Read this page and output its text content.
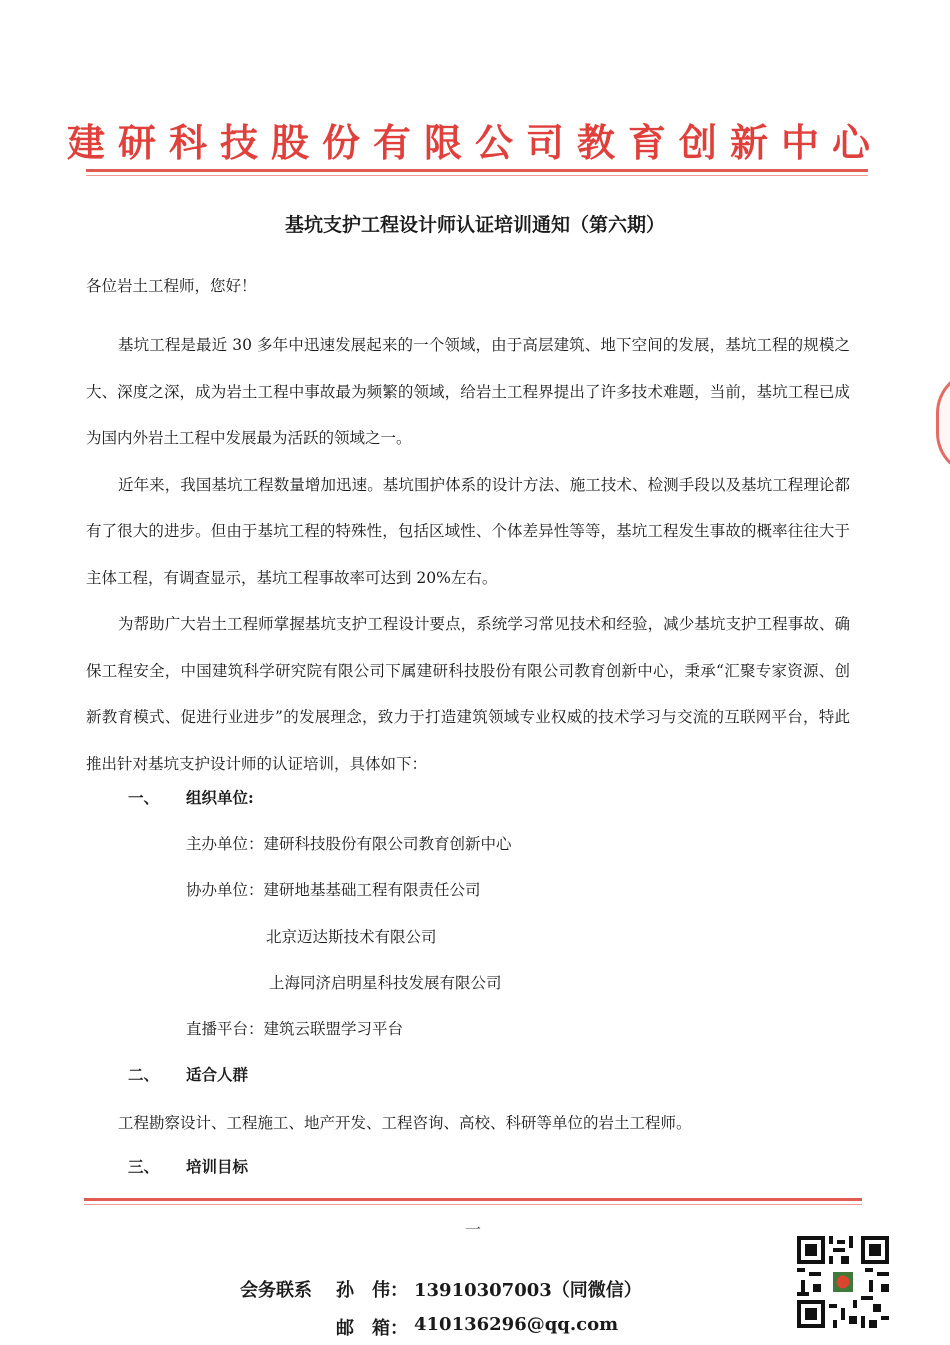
建研科技股份有限公司教育创新中心
基坑支护工程设计师认证培训通知（第六期）
各位岩土工程师，您好！

基坑工程是最近 30 多年中迅速发展起来的一个领域，由于高层建筑、地下空间的发展，基坑工程的规模之大、深度之深，成为岩土工程中事故最为频繁的领域，给岩土工程界提出了许多技术难题，当前，基坑工程已成为国内外岩土工程中发展最为活跃的领域之一。

近年来，我国基坑工程数量增加迅速。基坑围护体系的设计方法、施工技术、检测手段以及基坑工程理论都有了很大的进步。但由于基坑工程的特殊性，包括区域性、个体差异性等等，基坑工程发生事故的概率往往大于主体工程，有调查显示，基坑工程事故率可达到 20%左右。

为帮助广大岩土工程师掌握基坑支护工程设计要点，系统学习常见技术和经验，减少基坑支护工程事故、确保工程安全，中国建筑科学研究院有限公司下属建研科技股份有限公司教育创新中心，秉承“汇聚专家资源、创新教育模式、促进行业进步”的发展理念，致力于打造建筑领域专业权威的技术学习与交流的互联网平台，特此推出针对基坑支护设计师的认证培训，具体如下：

一、 组织单位:
主办单位：建研科技股份有限公司教育创新中心
协办单位：建研地基基础工程有限责任公司
北京迈达斯技术有限公司
上海同济启明星科技发展有限公司
直播平台：建筑云联盟学习平台
二、 适合人群
工程勘察设计、工程施工、地产开发、工程咨询、高校、科研等单位的岩土工程师。
三、 培训目标
一
会务联系 孙　伟： 13910307003（同微信）
邮　箱： 410136296@qq.com
